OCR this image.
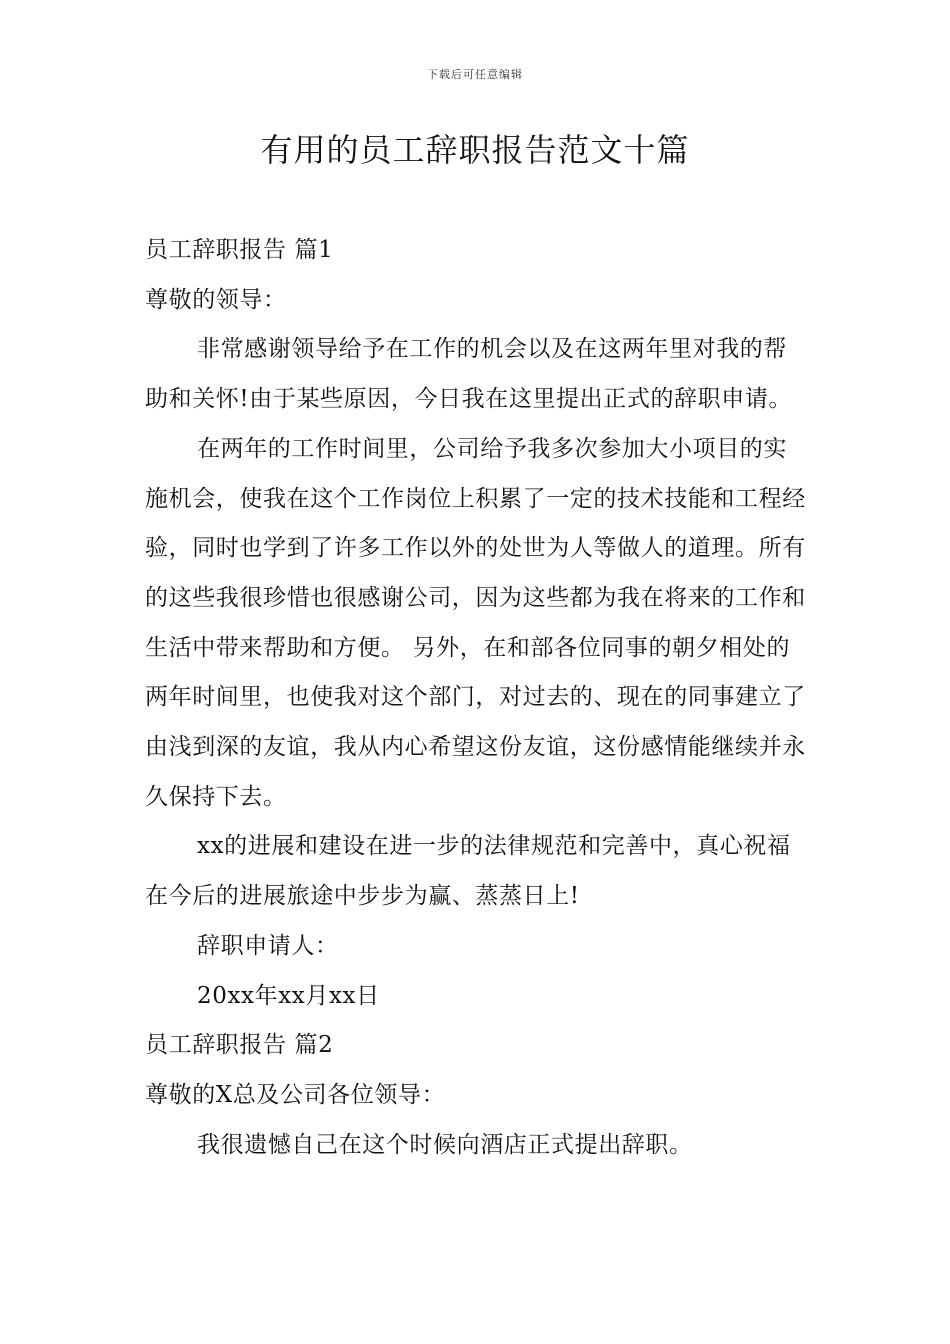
下载后可任意编辑
有用的员工辞职报告范文十篇

员工辞职报告 篇1

尊敬的领导：

非常感谢领导给予在工作的机会以及在这两年里对我的帮助和关怀!由于某些原因，今日我在这里提出正式的辞职申请。

在两年的工作时间里，公司给予我多次参加大小项目的实施机会，使我在这个工作岗位上积累了一定的技术技能和工程经验，同时也学到了许多工作以外的处世为人等做人的道理。所有的这些我很珍惜也很感谢公司，因为这些都为我在将来的工作和生活中带来帮助和方便。 另外，在和部各位同事的朝夕相处的两年时间里，也使我对这个部门，对过去的、现在的同事建立了由浅到深的友谊，我从内心希望这份友谊，这份感情能继续并永久保持下去。

xx的进展和建设在进一步的法律规范和完善中，真心祝福在今后的进展旅途中步步为赢、蒸蒸日上!

辞职申请人：

20xx年xx月xx日

员工辞职报告 篇2

尊敬的X总及公司各位领导：

我很遗憾自己在这个时候向酒店正式提出辞职。
